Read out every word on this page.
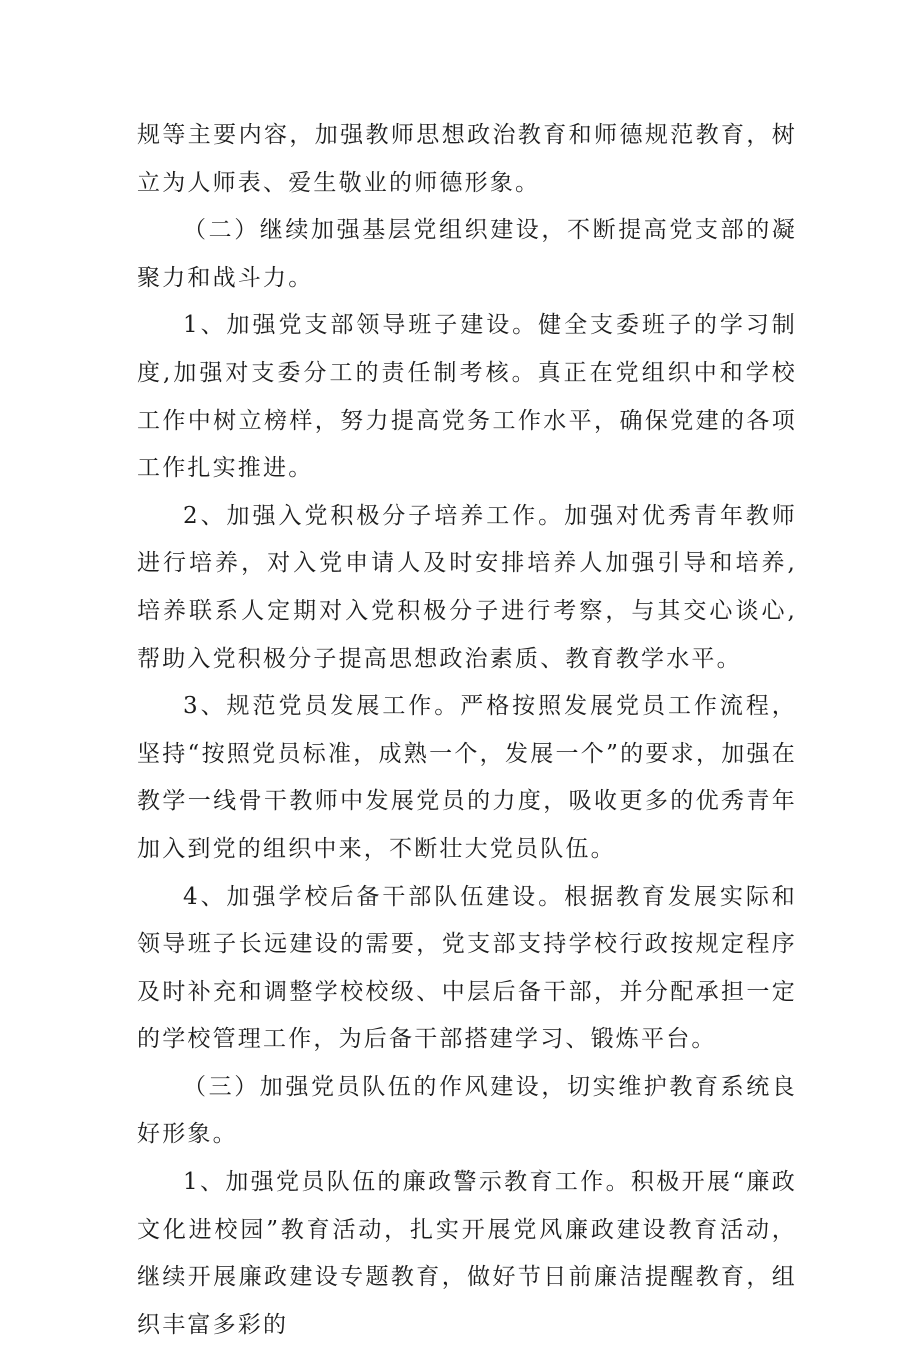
规等主要内容，加强教师思想政治教育和师德规范教育，树立为人师表、爱生敬业的师德形象。

（二）继续加强基层党组织建设，不断提高党支部的凝聚力和战斗力。

1、加强党支部领导班子建设。健全支委班子的学习制度,加强对支委分工的责任制考核。真正在党组织中和学校工作中树立榜样，努力提高党务工作水平，确保党建的各项工作扎实推进。

2、加强入党积极分子培养工作。加强对优秀青年教师进行培养，对入党申请人及时安排培养人加强引导和培养,培养联系人定期对入党积极分子进行考察，与其交心谈心,帮助入党积极分子提高思想政治素质、教育教学水平。

3、规范党员发展工作。严格按照发展党员工作流程，坚持“按照党员标准，成熟一个，发展一个”的要求，加强在教学一线骨干教师中发展党员的力度，吸收更多的优秀青年加入到党的组织中来，不断壮大党员队伍。

4、加强学校后备干部队伍建设。根据教育发展实际和领导班子长远建设的需要，党支部支持学校行政按规定程序及时补充和调整学校校级、中层后备干部，并分配承担一定的学校管理工作，为后备干部搭建学习、锻炼平台。

（三）加强党员队伍的作风建设，切实维护教育系统良好形象。

1、加强党员队伍的廉政警示教育工作。积极开展“廉政文化进校园”教育活动，扎实开展党风廉政建设教育活动，继续开展廉政建设专题教育，做好节日前廉洁提醒教育，组织丰富多彩的
